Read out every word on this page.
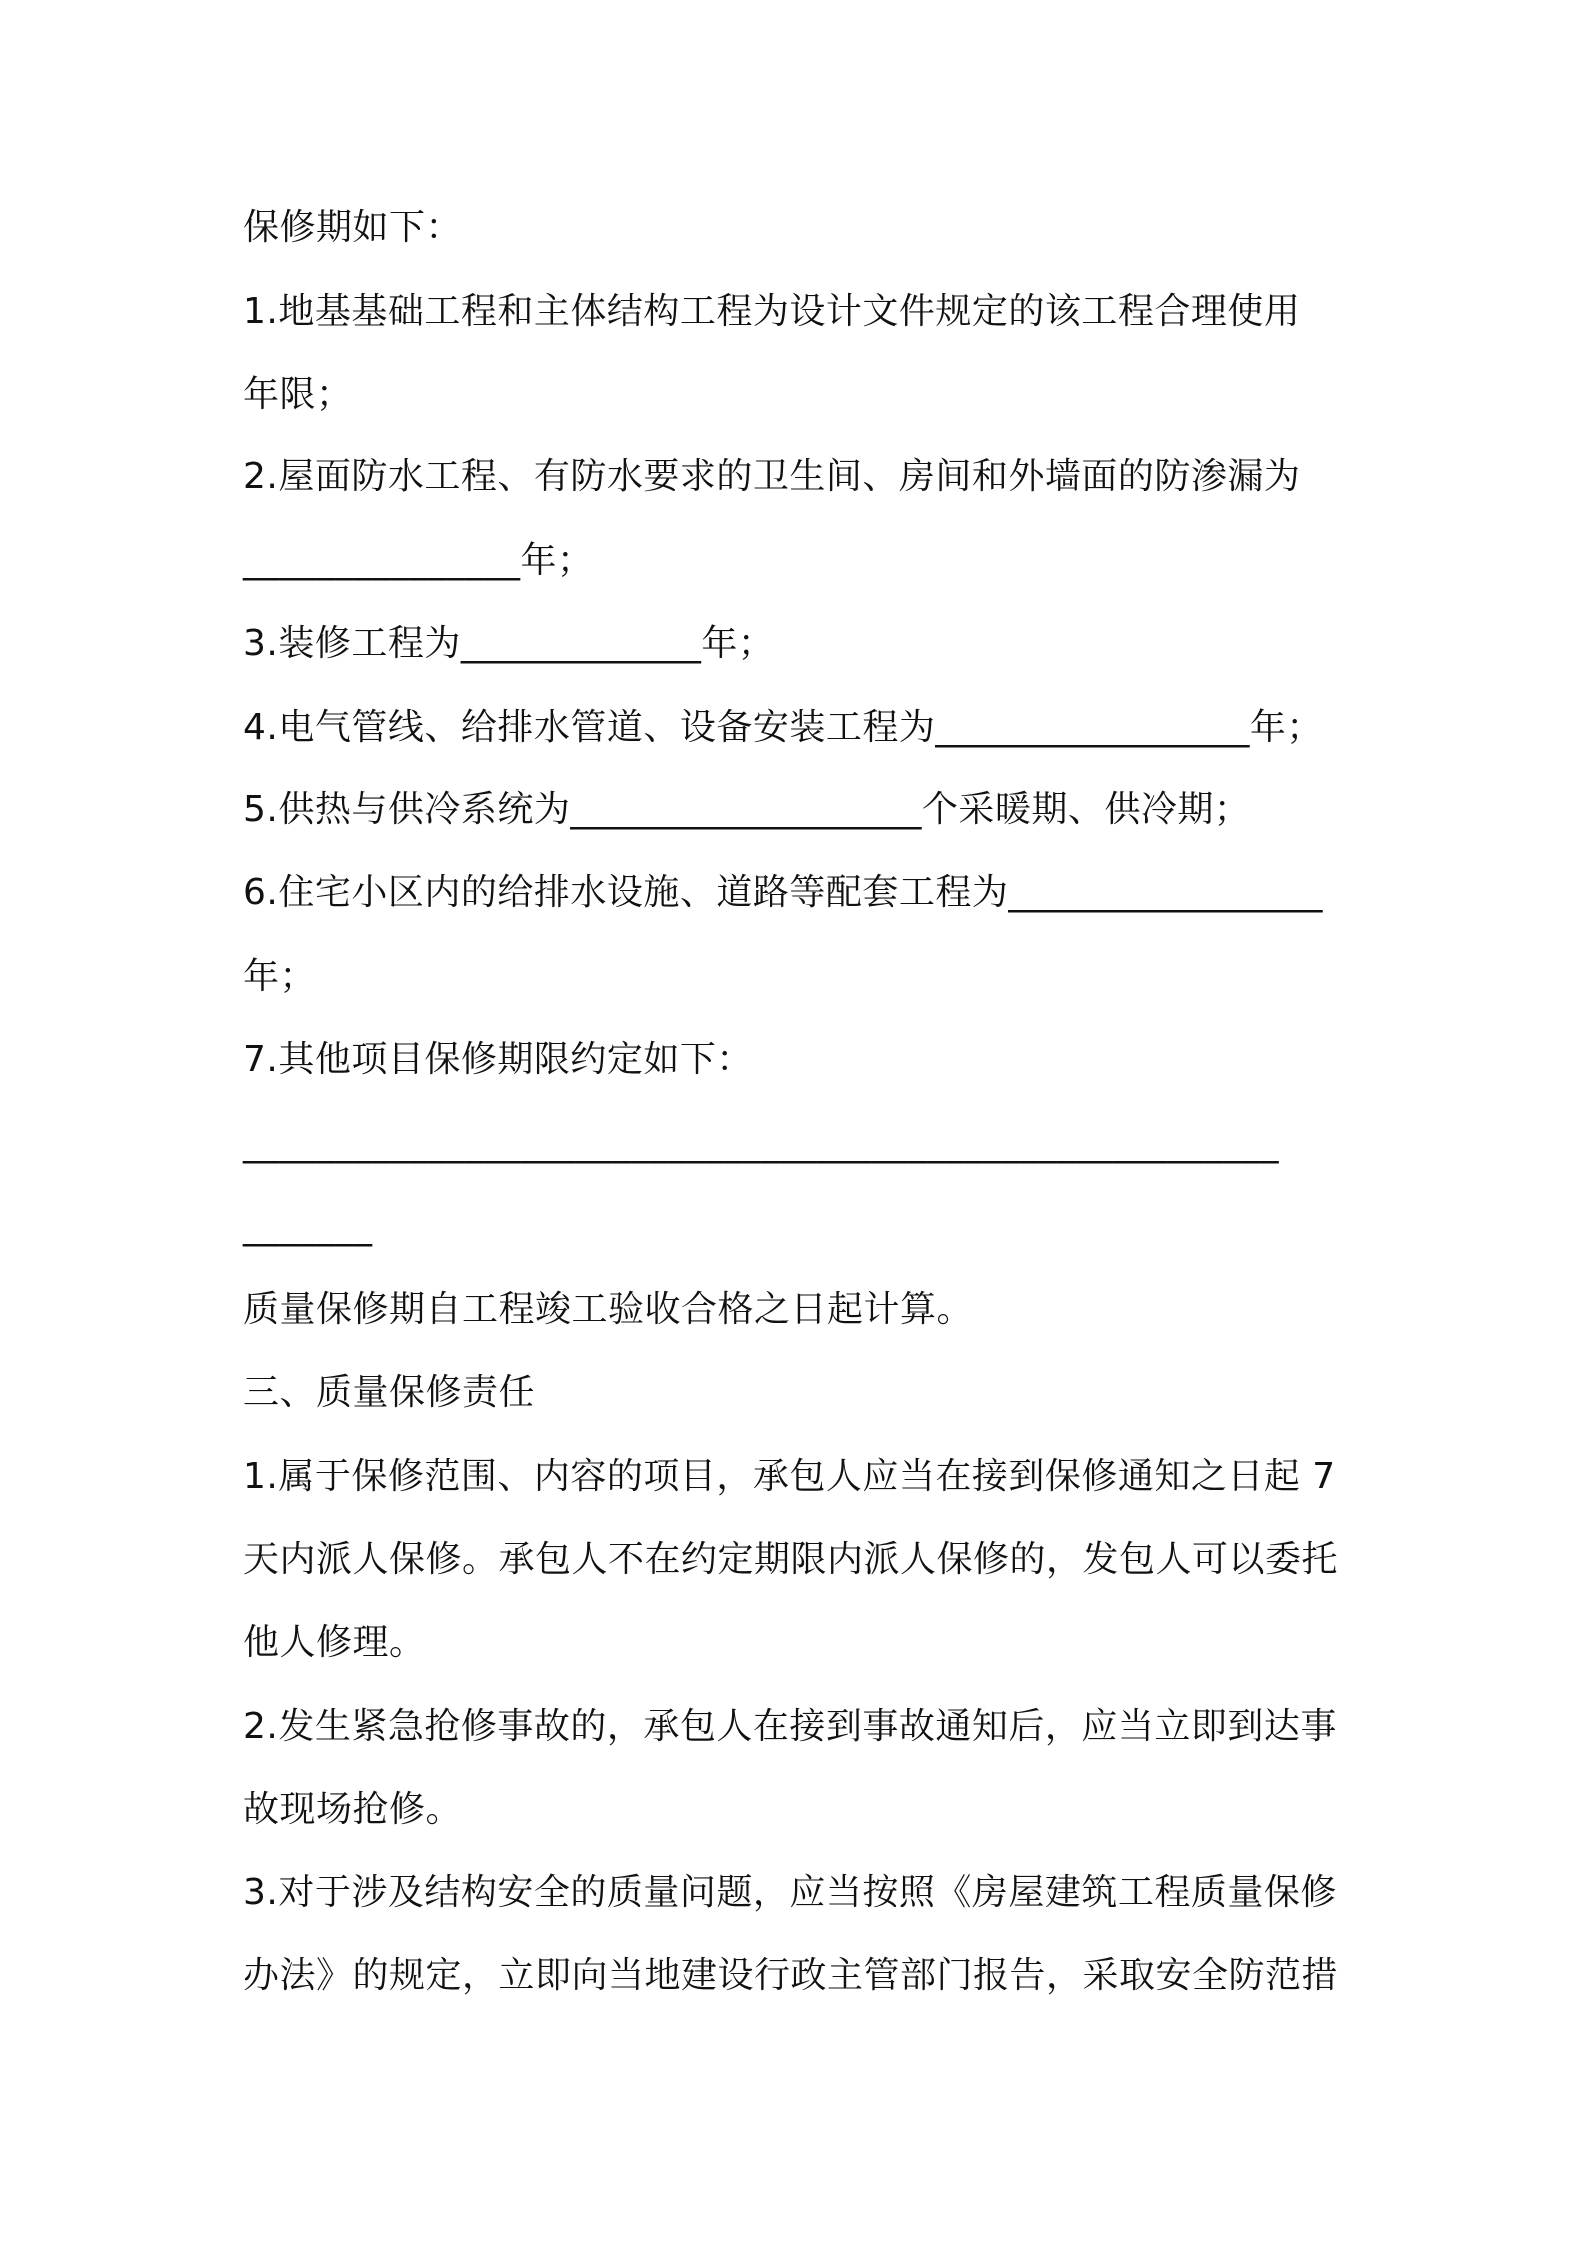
保修期如下：
1.地基基础工程和主体结构工程为设计文件规定的该工程合理使用
年限；
2.屋面防水工程、有防水要求的卫生间、房间和外墙面的防渗漏为
_______________年；
3.装修工程为_____________年；
4.电气管线、给排水管道、设备安装工程为_________________年；
5.供热与供冷系统为___________________个采暖期、供冷期；
6.住宅小区内的给排水设施、道路等配套工程为_________________
年；
7.其他项目保修期限约定如下：
________________________________________________________
_______
质量保修期自工程竣工验收合格之日起计算。
三、质量保修责任
1.属于保修范围、内容的项目，承包人应当在接到保修通知之日起 7
天内派人保修。承包人不在约定期限内派人保修的，发包人可以委托
他人修理。
2.发生紧急抢修事故的，承包人在接到事故通知后，应当立即到达事
故现场抢修。
3.对于涉及结构安全的质量问题，应当按照《房屋建筑工程质量保修
办法》的规定，立即向当地建设行政主管部门报告，采取安全防范措
